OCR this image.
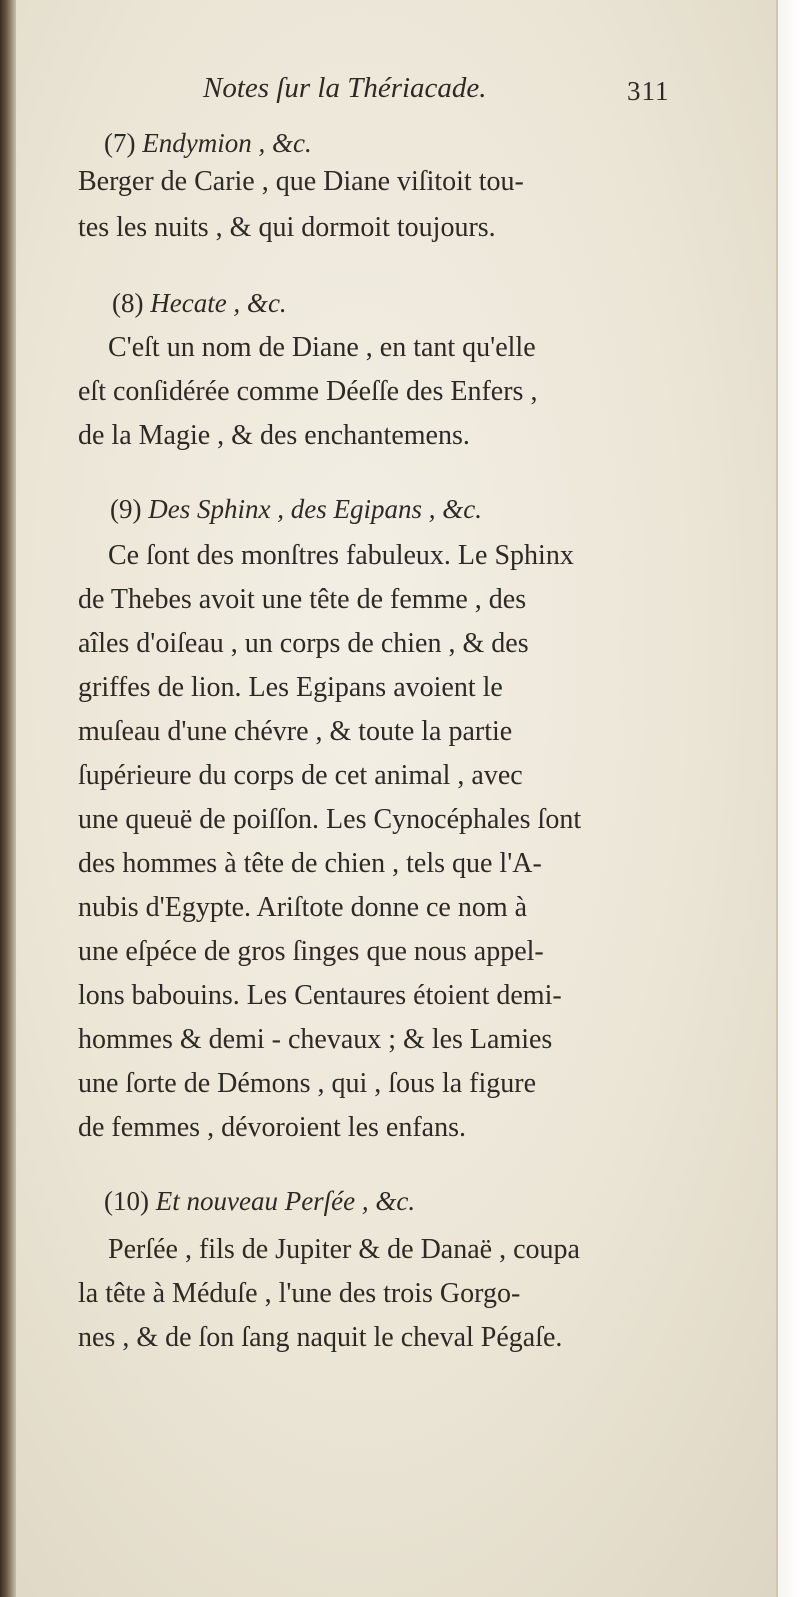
Notes ſur la Thériacade.	311
(7) Endymion , &c.
Berger de Carie , que Diane viſitoit tou-
tes les nuits , & qui dormoit toujours.
(8) Hecate , &c.
C'eſt un nom de Diane , en tant qu'elle
eſt conſidérée comme Déeſſe des Enfers ,
de la Magie , & des enchantemens.
(9) Des Sphinx , des Egipans , &c.
Ce ſont des monſtres fabuleux. Le Sphinx
de Thebes avoit une tête de femme , des
aîles d'oiſeau , un corps de chien , & des
griffes de lion. Les Egipans avoient le
muſeau d'une chévre , & toute la partie
ſupérieure du corps de cet animal , avec
une queuë de poiſſon. Les Cynocéphales ſont
des hommes à tête de chien , tels que l'A-
nubis d'Egypte. Ariſtote donne ce nom à
une eſpéce de gros ſinges que nous appel-
lons babouins. Les Centaures étoient demi-
hommes & demi - chevaux ; & les Lamies
une ſorte de Démons , qui , ſous la figure
de femmes , dévoroient les enfans.
(10) Et nouveau Perſée , &c.
Perſée , fils de Jupiter & de Danaë , coupa
la tête à Méduſe , l'une des trois Gorgo-
nes , & de ſon ſang naquit le cheval Pégaſe.
